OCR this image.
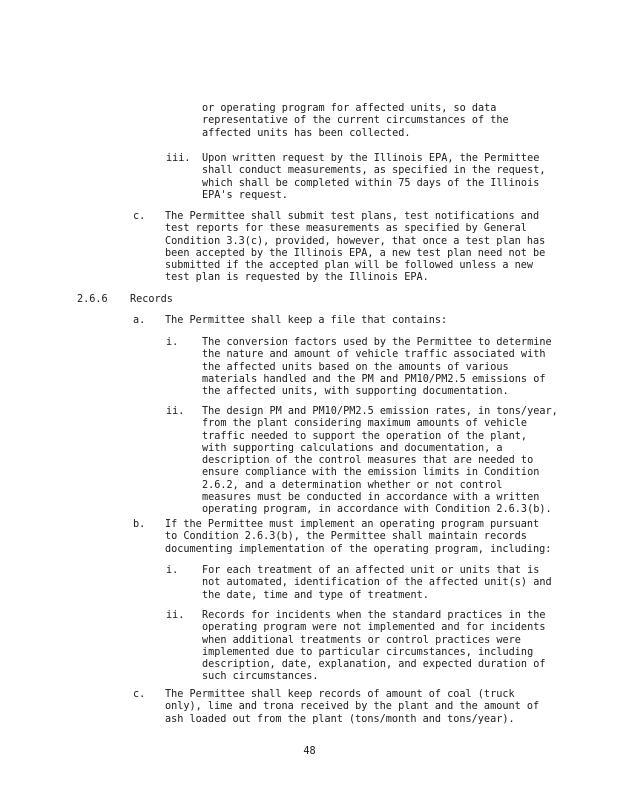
or operating program for affected units, so data
representative of the current circumstances of the
affected units has been collected.
iii. Upon written request by the Illinois EPA, the Permittee
shall conduct measurements, as specified in the request,
which shall be completed within 75 days of the Illinois
EPA's request.
c. The Permittee shall submit test plans, test notifications and
test reports for these measurements as specified by General
Condition 3.3(c), provided, however, that once a test plan has
been accepted by the Illinois EPA, a new test plan need not be
submitted if the accepted plan will be followed unless a new
test plan is requested by the Illinois EPA.
2.6.6 Records
a. The Permittee shall keep a file that contains:
i. The conversion factors used by the Permittee to determine
the nature and amount of vehicle traffic associated with
the affected units based on the amounts of various
materials handled and the PM and PM10/PM2.5 emissions of
the affected units, with supporting documentation.
ii. The design PM and PM10/PM2.5 emission rates, in tons/year,
from the plant considering maximum amounts of vehicle
traffic needed to support the operation of the plant,
with supporting calculations and documentation, a
description of the control measures that are needed to
ensure compliance with the emission limits in Condition
2.6.2, and a determination whether or not control
measures must be conducted in accordance with a written
operating program, in accordance with Condition 2.6.3(b).
b. If the Permittee must implement an operating program pursuant
to Condition 2.6.3(b), the Permittee shall maintain records
documenting implementation of the operating program, including:
i. For each treatment of an affected unit or units that is
not automated, identification of the affected unit(s) and
the date, time and type of treatment.
ii. Records for incidents when the standard practices in the
operating program were not implemented and for incidents
when additional treatments or control practices were
implemented due to particular circumstances, including
description, date, explanation, and expected duration of
such circumstances.
c. The Permittee shall keep records of amount of coal (truck
only), lime and trona received by the plant and the amount of
ash loaded out from the plant (tons/month and tons/year).
48
